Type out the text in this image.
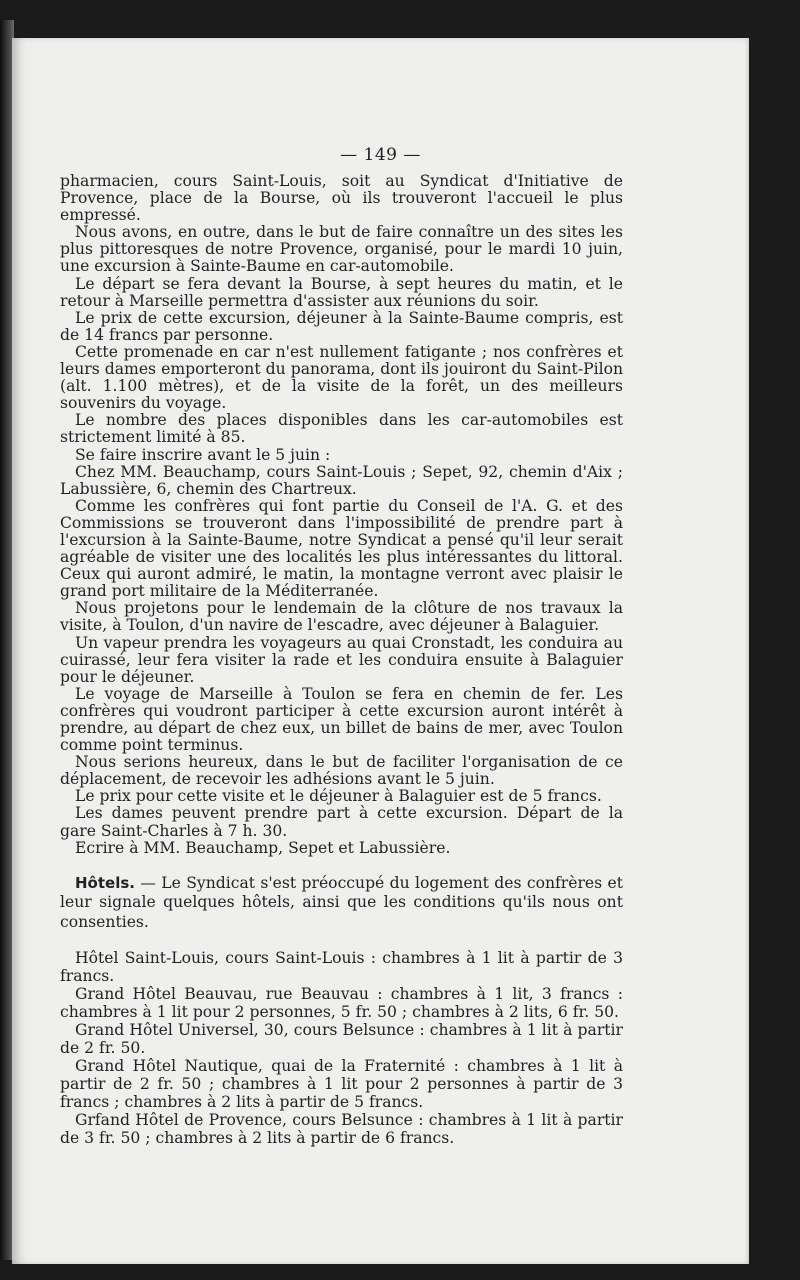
— 149 —

pharmacien, cours Saint-Louis, soit au Syndicat d'Initiative de Provence, place de la Bourse, où ils trouveront l'accueil le plus empressé.

Nous avons, en outre, dans le but de faire connaître un des sites les plus pittoresques de notre Provence, organisé, pour le mardi 10 juin, une excursion à Sainte-Baume en car-automobile.

Le départ se fera devant la Bourse, à sept heures du matin, et le retour à Marseille permettra d'assister aux réunions du soir.

Le prix de cette excursion, déjeuner à la Sainte-Baume compris, est de 14 francs par personne.

Cette promenade en car n'est nullement fatigante ; nos confrères et leurs dames emporteront du panorama, dont ils jouiront du Saint-Pilon (alt. 1.100 mètres), et de la visite de la forêt, un des meilleurs souvenirs du voyage.

Le nombre des places disponibles dans les car-automobiles est strictement limité à 85.

Se faire inscrire avant le 5 juin :

Chez MM. Beauchamp, cours Saint-Louis ; Sepet, 92, chemin d'Aix ; Labussière, 6, chemin des Chartreux.

Comme les confrères qui font partie du Conseil de l'A. G. et des Commissions se trouveront dans l'impossibilité de prendre part à l'excursion à la Sainte-Baume, notre Syndicat a pensé qu'il leur serait agréable de visiter une des localités les plus intéressantes du littoral. Ceux qui auront admiré, le matin, la montagne verront avec plaisir le grand port militaire de la Méditerranée.

Nous projetons pour le lendemain de la clôture de nos travaux la visite, à Toulon, d'un navire de l'escadre, avec déjeuner à Balaguier.

Un vapeur prendra les voyageurs au quai Cronstadt, les conduira au cuirassé, leur fera visiter la rade et les conduira ensuite à Balaguier pour le déjeuner.

Le voyage de Marseille à Toulon se fera en chemin de fer. Les confrères qui voudront participer à cette excursion auront intérêt à prendre, au départ de chez eux, un billet de bains de mer, avec Toulon comme point terminus.

Nous serions heureux, dans le but de faciliter l'organisation de ce déplacement, de recevoir les adhésions avant le 5 juin.

Le prix pour cette visite et le déjeuner à Balaguier est de 5 francs.

Les dames peuvent prendre part à cette excursion. Départ de la gare Saint-Charles à 7 h. 30.

Ecrire à MM. Beauchamp, Sepet et Labussière.

Hôtels. — Le Syndicat s'est préoccupé du logement des confrères et leur signale quelques hôtels, ainsi que les conditions qu'ils nous ont consenties.

Hôtel Saint-Louis, cours Saint-Louis : chambres à 1 lit à partir de 3 francs.

Grand Hôtel Beauvau, rue Beauvau : chambres à 1 lit, 3 francs : chambres à 1 lit pour 2 personnes, 5 fr. 50 ; chambres à 2 lits, 6 fr. 50.

Grand Hôtel Universel, 30, cours Belsunce : chambres à 1 lit à partir de 2 fr. 50.

Grand Hôtel Nautique, quai de la Fraternité : chambres à 1 lit à partir de 2 fr. 50 ; chambres à 1 lit pour 2 personnes à partir de 3 francs ; chambres à 2 lits à partir de 5 francs.

Grfand Hôtel de Provence, cours Belsunce : chambres à 1 lit à partir de 3 fr. 50 ; chambres à 2 lits à partir de 6 francs.
